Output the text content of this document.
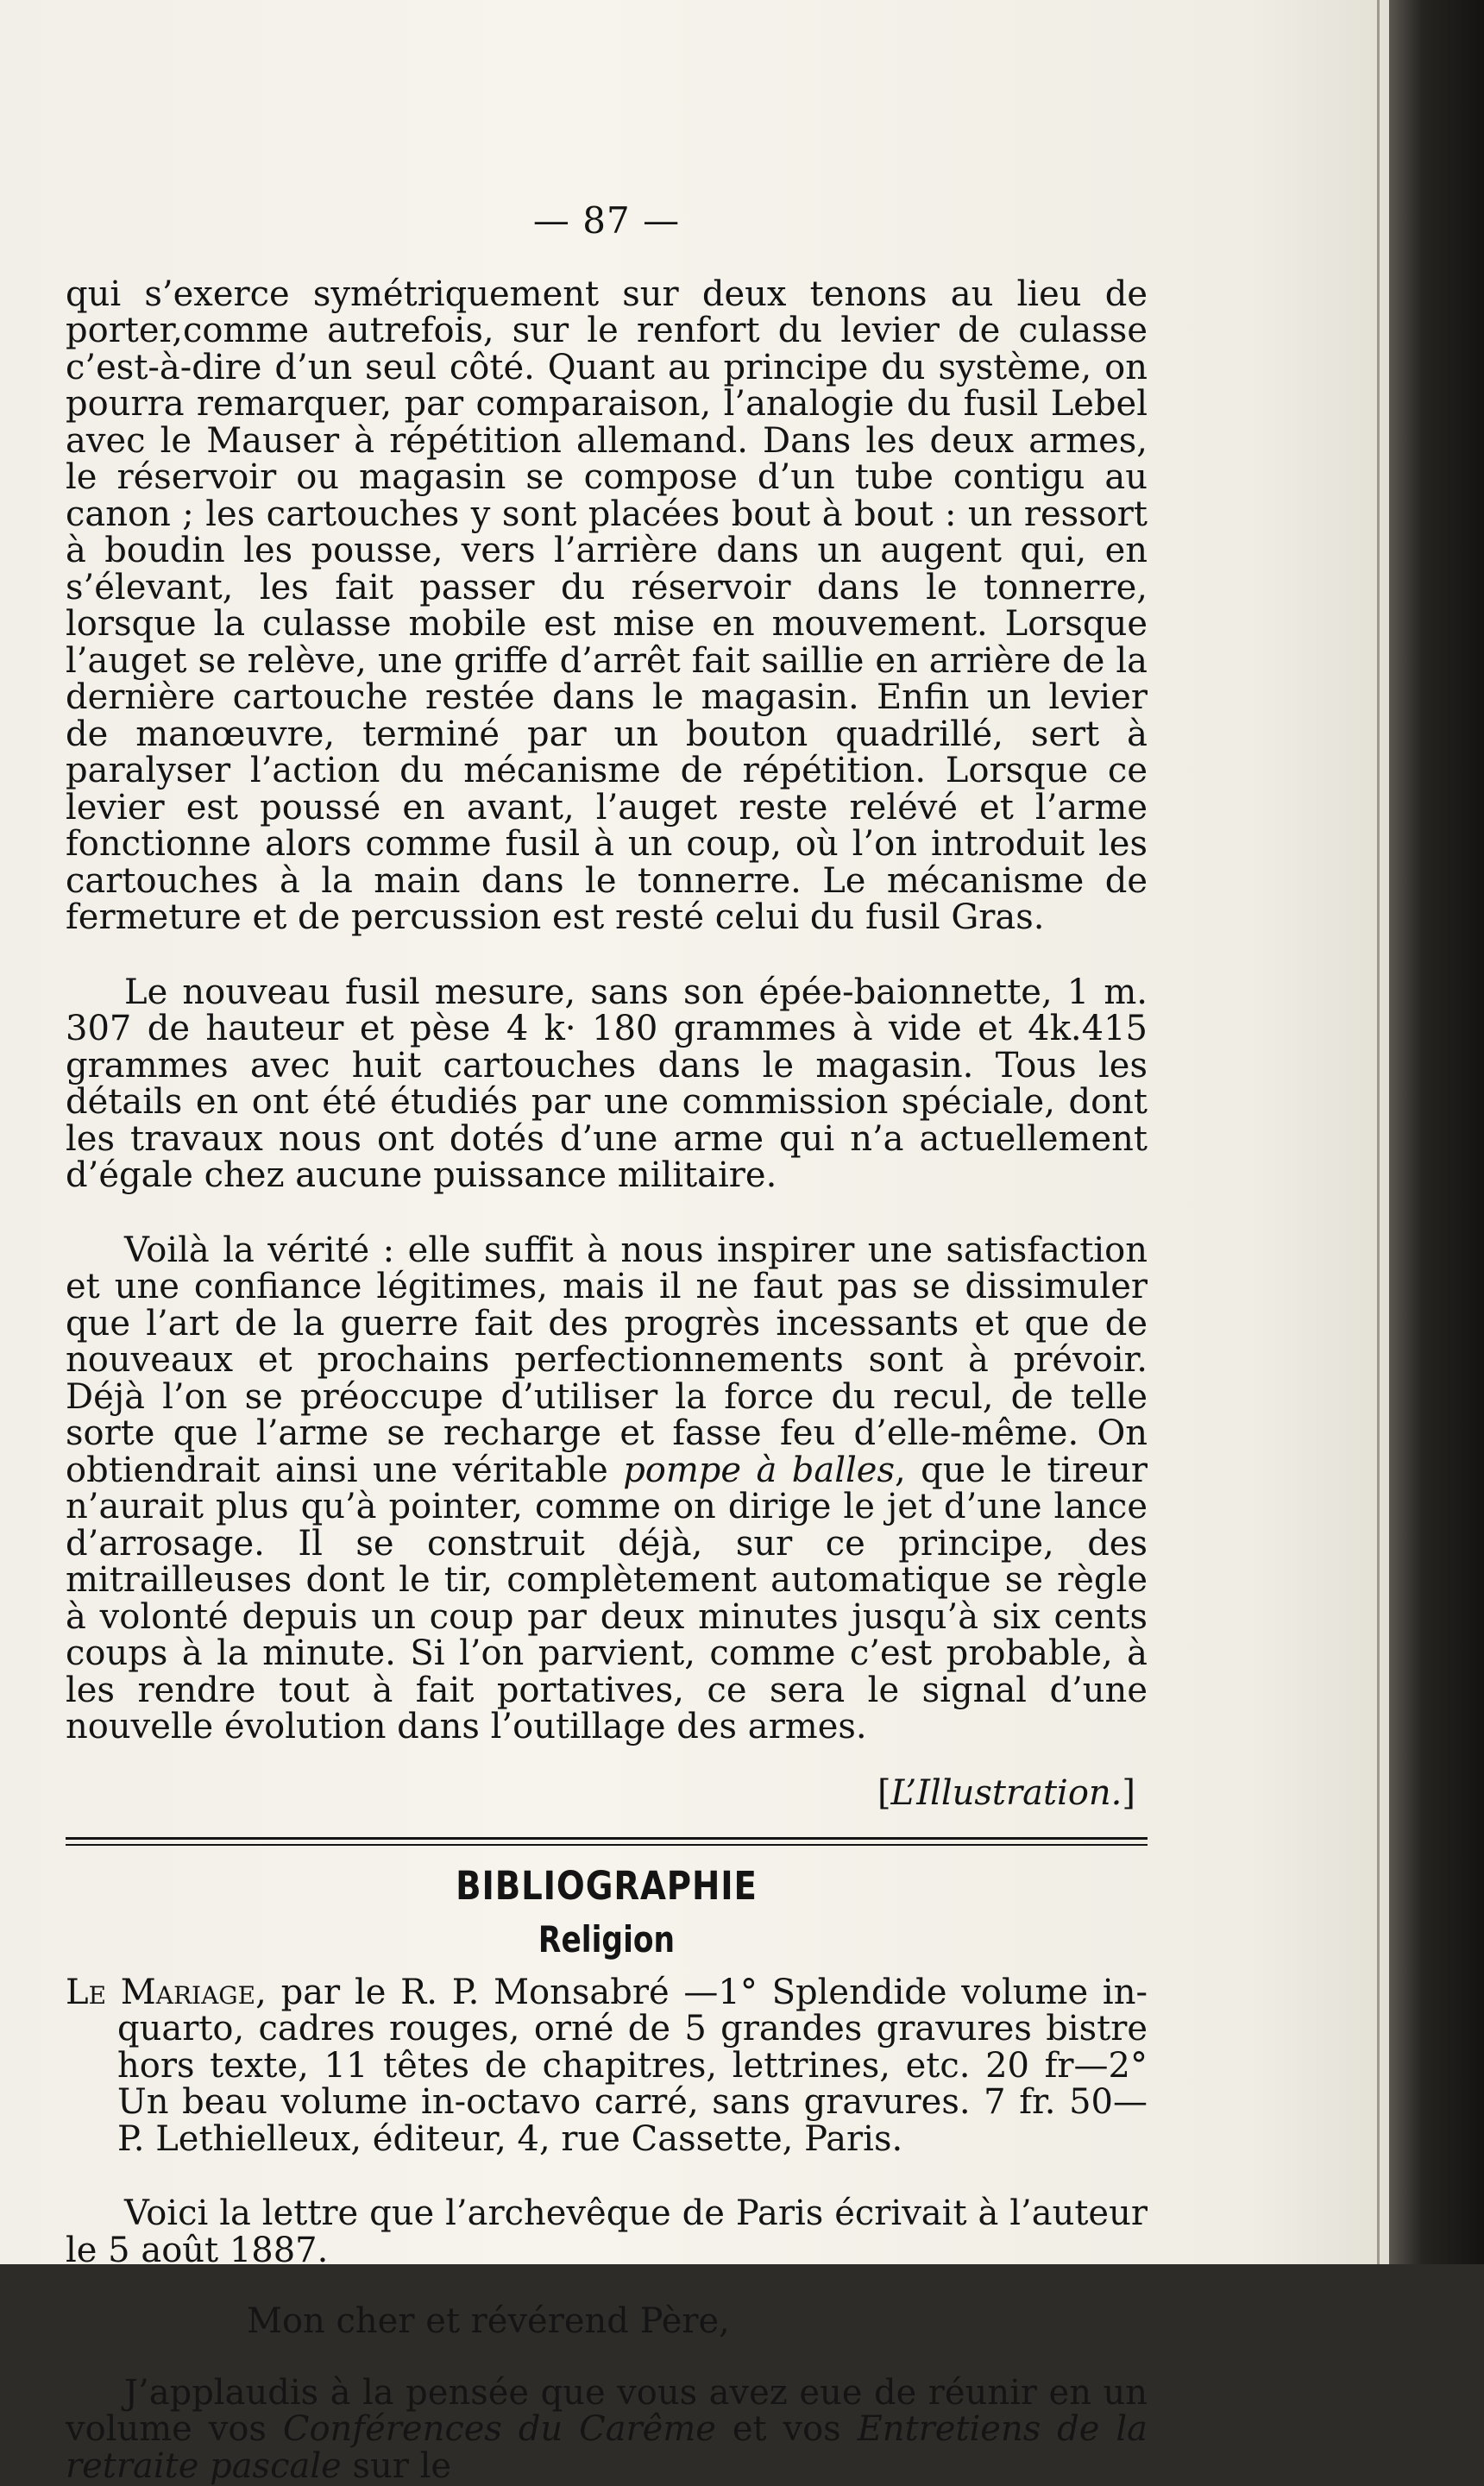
— 87 —

qui s’exerce symétriquement sur deux tenons au lieu de porter,comme autrefois, sur le renfort du levier de culasse c’est-à-dire d’un seul côté. Quant au principe du système, on pourra remarquer, par comparaison, l’analogie du fusil Lebel avec le Mauser à répétition allemand. Dans les deux armes, le réservoir ou magasin se compose d’un tube contigu au canon ; les cartouches y sont placées bout à bout : un ressort à boudin les pousse, vers l’arrière dans un augent qui, en s’élevant, les fait passer du réservoir dans le tonnerre, lorsque la culasse mobile est mise en mouvement. Lorsque l’auget se relève, une griffe d’arrêt fait saillie en arrière de la dernière cartouche restée dans le magasin. Enfin un levier de manœuvre, terminé par un bouton quadrillé, sert à paralyser l’action du mécanisme de répétition. Lorsque ce levier est poussé en avant, l’auget reste relévé et l’arme fonctionne alors comme fusil à un coup, où l’on introduit les cartouches à la main dans le tonnerre. Le mécanisme de fermeture et de percussion est resté celui du fusil Gras.

Le nouveau fusil mesure, sans son épée-baionnette, 1 m. 307 de hauteur et pèse 4 k· 180 grammes à vide et 4k.415 grammes avec huit cartouches dans le magasin. Tous les détails en ont été étudiés par une commission spéciale, dont les travaux nous ont dotés d’une arme qui n’a actuellement d’égale chez aucune puissance militaire.

Voilà la vérité : elle suffit à nous inspirer une satisfaction et une confiance légitimes, mais il ne faut pas se dissimuler que l’art de la guerre fait des progrès incessants et que de nouveaux et prochains perfectionnements sont à prévoir. Déjà l’on se préoccupe d’utiliser la force du recul, de telle sorte que l’arme se recharge et fasse feu d’elle-même. On obtiendrait ainsi une véritable pompe à balles, que le tireur n’aurait plus qu’à pointer, comme on dirige le jet d’une lance d’arrosage. Il se construit déjà, sur ce principe, des mitrailleuses dont le tir, complètement automatique se règle à volonté depuis un coup par deux minutes jusqu’à six cents coups à la minute. Si l’on parvient, comme c’est probable, à les rendre tout à fait portatives, ce sera le signal d’une nouvelle évolution dans l’outillage des armes.

[L’Illustration.]

BIBLIOGRAPHIE
Religion

Le Mariage, par le R. P. Monsabré —1° Splendide volume in-quarto, cadres rouges, orné de 5 grandes gravures bistre hors texte, 11 têtes de chapitres, lettrines, etc. 20 fr—2° Un beau volume in-octavo carré, sans gravures. 7 fr. 50—P. Lethielleux, éditeur, 4, rue Cassette, Paris.

Voici la lettre que l’archevêque de Paris écrivait à l’auteur le 5 août 1887.

Mon cher et révérend Père,

J’applaudis à la pensée que vous avez eue de réunir en un volume vos Conférences du Carême et vos Entretiens de la retraite pascale sur le
